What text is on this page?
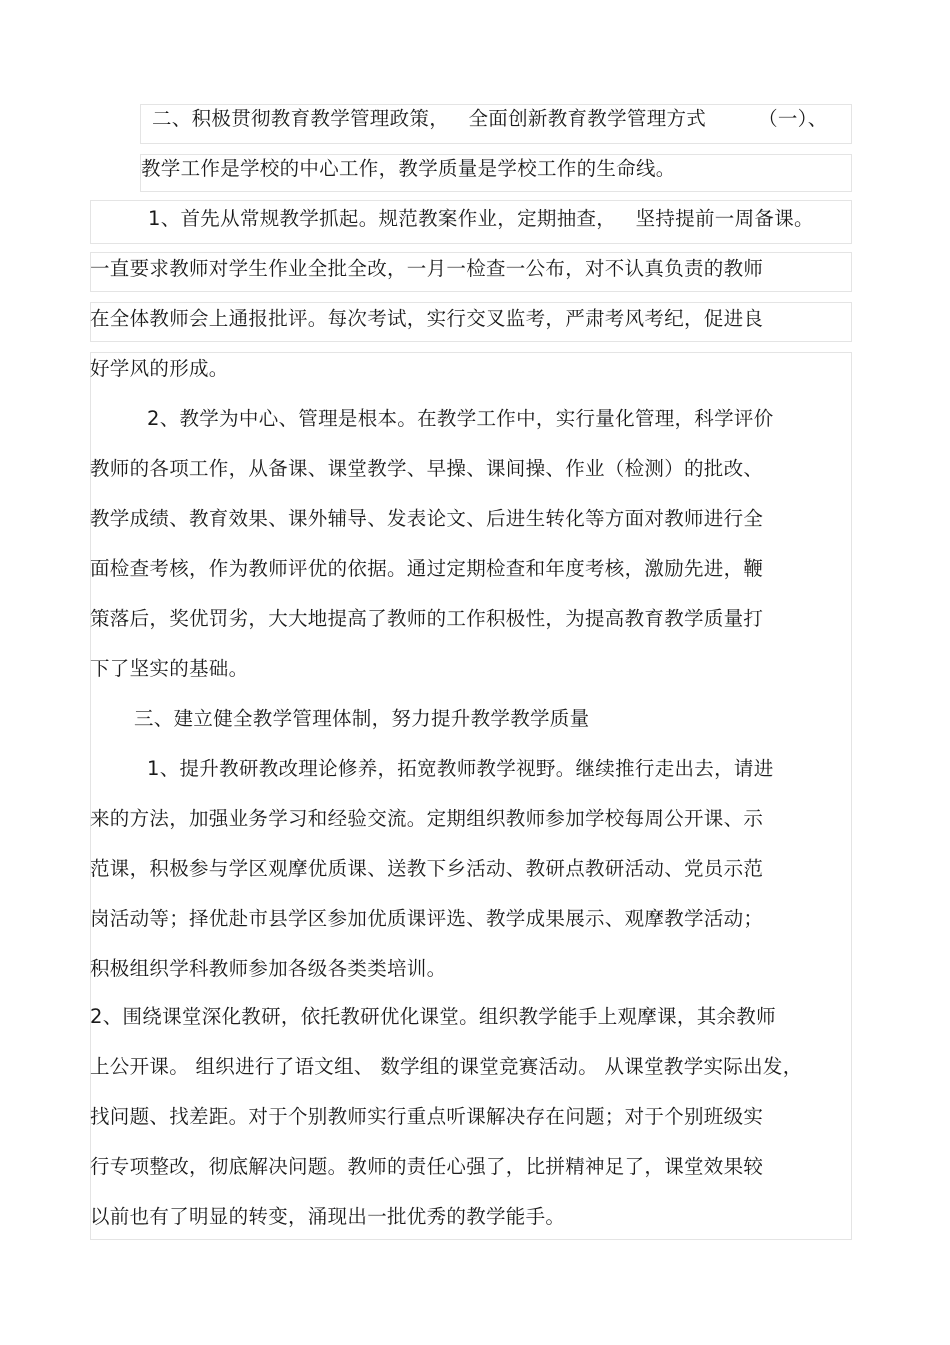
二、积极贯彻教育教学管理政策，   全面创新教育教学管理方式        （一）、
教学工作是学校的中心工作，教学质量是学校工作的生命线。
1、首先从常规教学抓起。规范教案作业，定期抽查，   坚持提前一周备课。
一直要求教师对学生作业全批全改，一月一检查一公布，对不认真负责的教师
在全体教师会上通报批评。每次考试，实行交叉监考，严肃考风考纪，促进良
好学风的形成。
2、教学为中心、管理是根本。在教学工作中，实行量化管理，科学评价
教师的各项工作，从备课、课堂教学、早操、课间操、作业（检测）的批改、
教学成绩、教育效果、课外辅导、发表论文、后进生转化等方面对教师进行全
面检查考核，作为教师评优的依据。通过定期检查和年度考核，激励先进，鞭
策落后，奖优罚劣，大大地提高了教师的工作积极性，为提高教育教学质量打
下了坚实的基础。
三、建立健全教学管理体制，努力提升教学教学质量
1、提升教研教改理论修养，拓宽教师教学视野。继续推行走出去，请进
来的方法，加强业务学习和经验交流。定期组织教师参加学校每周公开课、示
范课，积极参与学区观摩优质课、送教下乡活动、教研点教研活动、党员示范
岗活动等；择优赴市县学区参加优质课评选、教学成果展示、观摩教学活动；
积极组织学科教师参加各级各类类培训。
2、围绕课堂深化教研，依托教研优化课堂。组织教学能手上观摩课，其余教师
上公开课。 组织进行了语文组、 数学组的课堂竞赛活动。 从课堂教学实际出发，
找问题、找差距。对于个别教师实行重点听课解决存在问题；对于个别班级实
行专项整改，彻底解决问题。教师的责任心强了，比拼精神足了，课堂效果较
以前也有了明显的转变，涌现出一批优秀的教学能手。
